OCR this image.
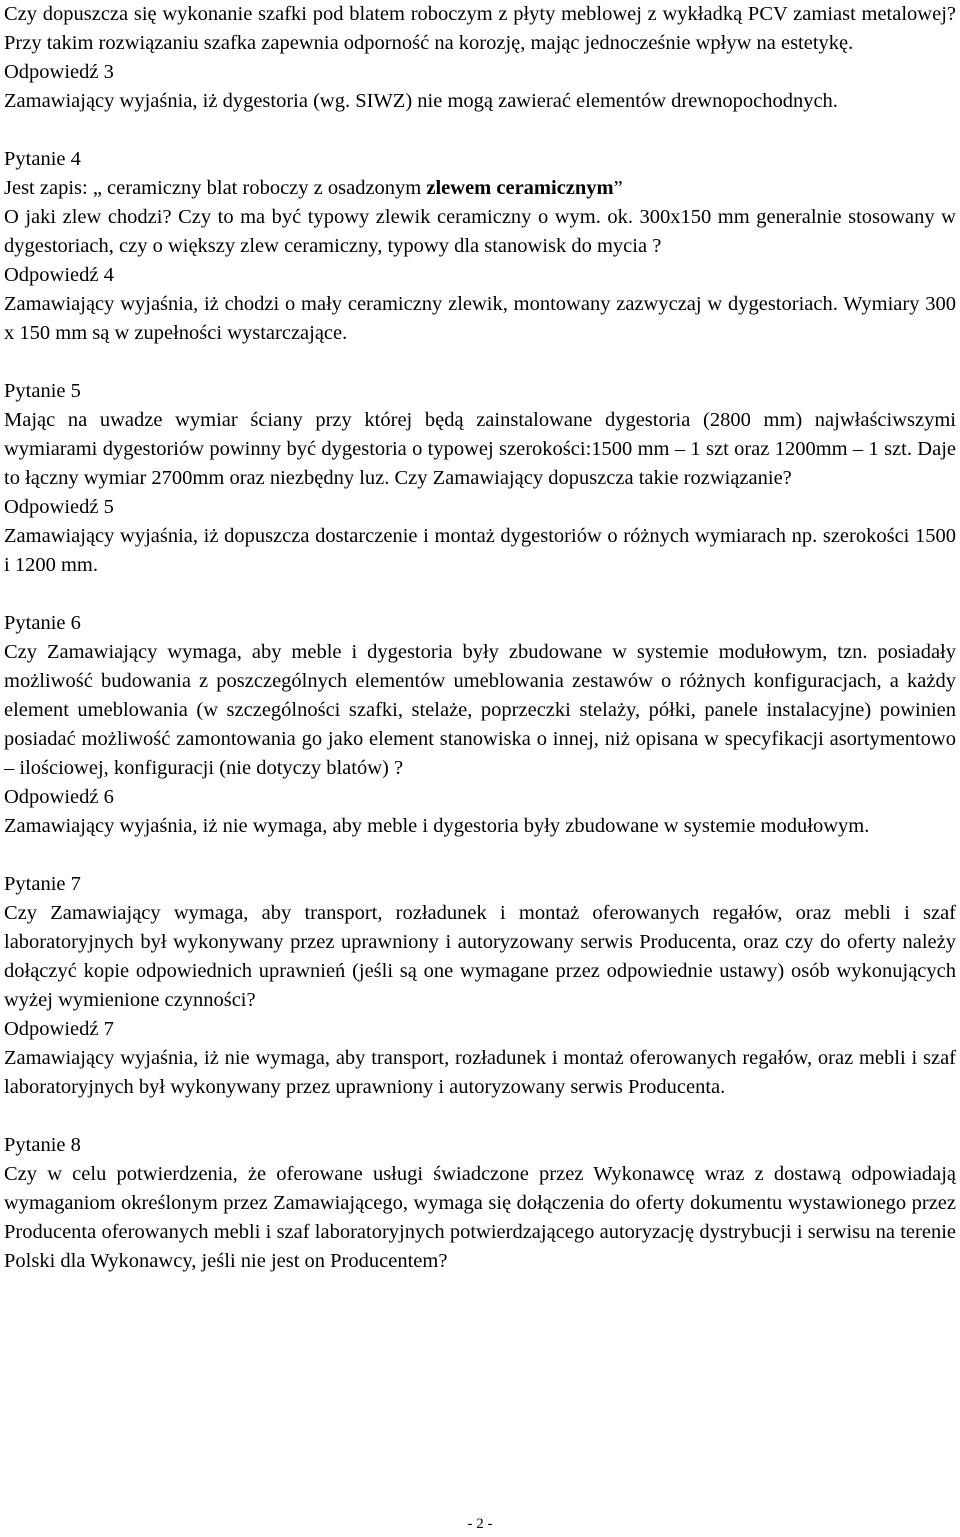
Czy dopuszcza się wykonanie szafki pod blatem roboczym z płyty meblowej z wykładką PCV zamiast metalowej? Przy takim rozwiązaniu szafka zapewnia odporność na korozję, mając jednocześnie wpływ na estetykę.

Odpowiedź 3

Zamawiający wyjaśnia, iż dygestoria (wg. SIWZ) nie mogą zawierać elementów drewnopochodnych.

Pytanie 4

Jest zapis: „ ceramiczny blat roboczy z osadzonym zlewem ceramicznym”

O jaki zlew chodzi? Czy to ma być typowy zlewik ceramiczny o wym. ok. 300x150 mm generalnie stosowany w dygestoriach, czy o większy zlew ceramiczny, typowy dla stanowisk do mycia ?

Odpowiedź 4

Zamawiający wyjaśnia, iż chodzi o mały ceramiczny zlewik, montowany zazwyczaj w dygestoriach. Wymiary 300 x 150 mm są w zupełności wystarczające.

Pytanie 5

Mając na uwadze wymiar ściany przy której będą zainstalowane dygestoria (2800 mm) najwłaściwszymi wymiarami dygestoriów powinny być dygestoria o typowej szerokości:1500 mm – 1 szt oraz 1200mm – 1 szt. Daje to łączny wymiar 2700mm oraz niezbędny luz. Czy Zamawiający dopuszcza takie rozwiązanie?

Odpowiedź 5

Zamawiający wyjaśnia, iż dopuszcza dostarczenie i montaż dygestoriów o różnych wymiarach np. szerokości 1500 i 1200 mm.

Pytanie 6

Czy Zamawiający wymaga, aby meble i dygestoria były zbudowane w systemie modułowym, tzn. posiadały możliwość budowania z poszczególnych elementów umeblowania zestawów o różnych konfiguracjach, a każdy element umeblowania (w szczególności szafki, stelaże, poprzeczki stelaży, półki, panele instalacyjne) powinien posiadać możliwość zamontowania go jako element stanowiska o innej, niż opisana w specyfikacji asortymentowo – ilościowej, konfiguracji (nie dotyczy blatów) ?

Odpowiedź 6

Zamawiający wyjaśnia, iż nie wymaga, aby meble i dygestoria były zbudowane w systemie modułowym.

Pytanie 7

Czy Zamawiający wymaga, aby transport, rozładunek i montaż oferowanych regałów, oraz mebli i szaf laboratoryjnych był wykonywany przez uprawniony i autoryzowany serwis Producenta, oraz czy do oferty należy dołączyć kopie odpowiednich uprawnień (jeśli są one wymagane przez odpowiednie ustawy) osób wykonujących wyżej wymienione czynności?

Odpowiedź 7

Zamawiający wyjaśnia, iż nie wymaga, aby transport, rozładunek i montaż oferowanych regałów, oraz mebli i szaf laboratoryjnych był wykonywany przez uprawniony i autoryzowany serwis Producenta.

Pytanie 8

Czy w celu potwierdzenia, że oferowane usługi świadczone przez Wykonawcę wraz z dostawą odpowiadają wymaganiom określonym przez Zamawiającego, wymaga się dołączenia do oferty dokumentu wystawionego przez Producenta oferowanych mebli i szaf laboratoryjnych potwierdzającego autoryzację dystrybucji i serwisu na terenie Polski dla Wykonawcy, jeśli nie jest on Producentem?

- 2 -
